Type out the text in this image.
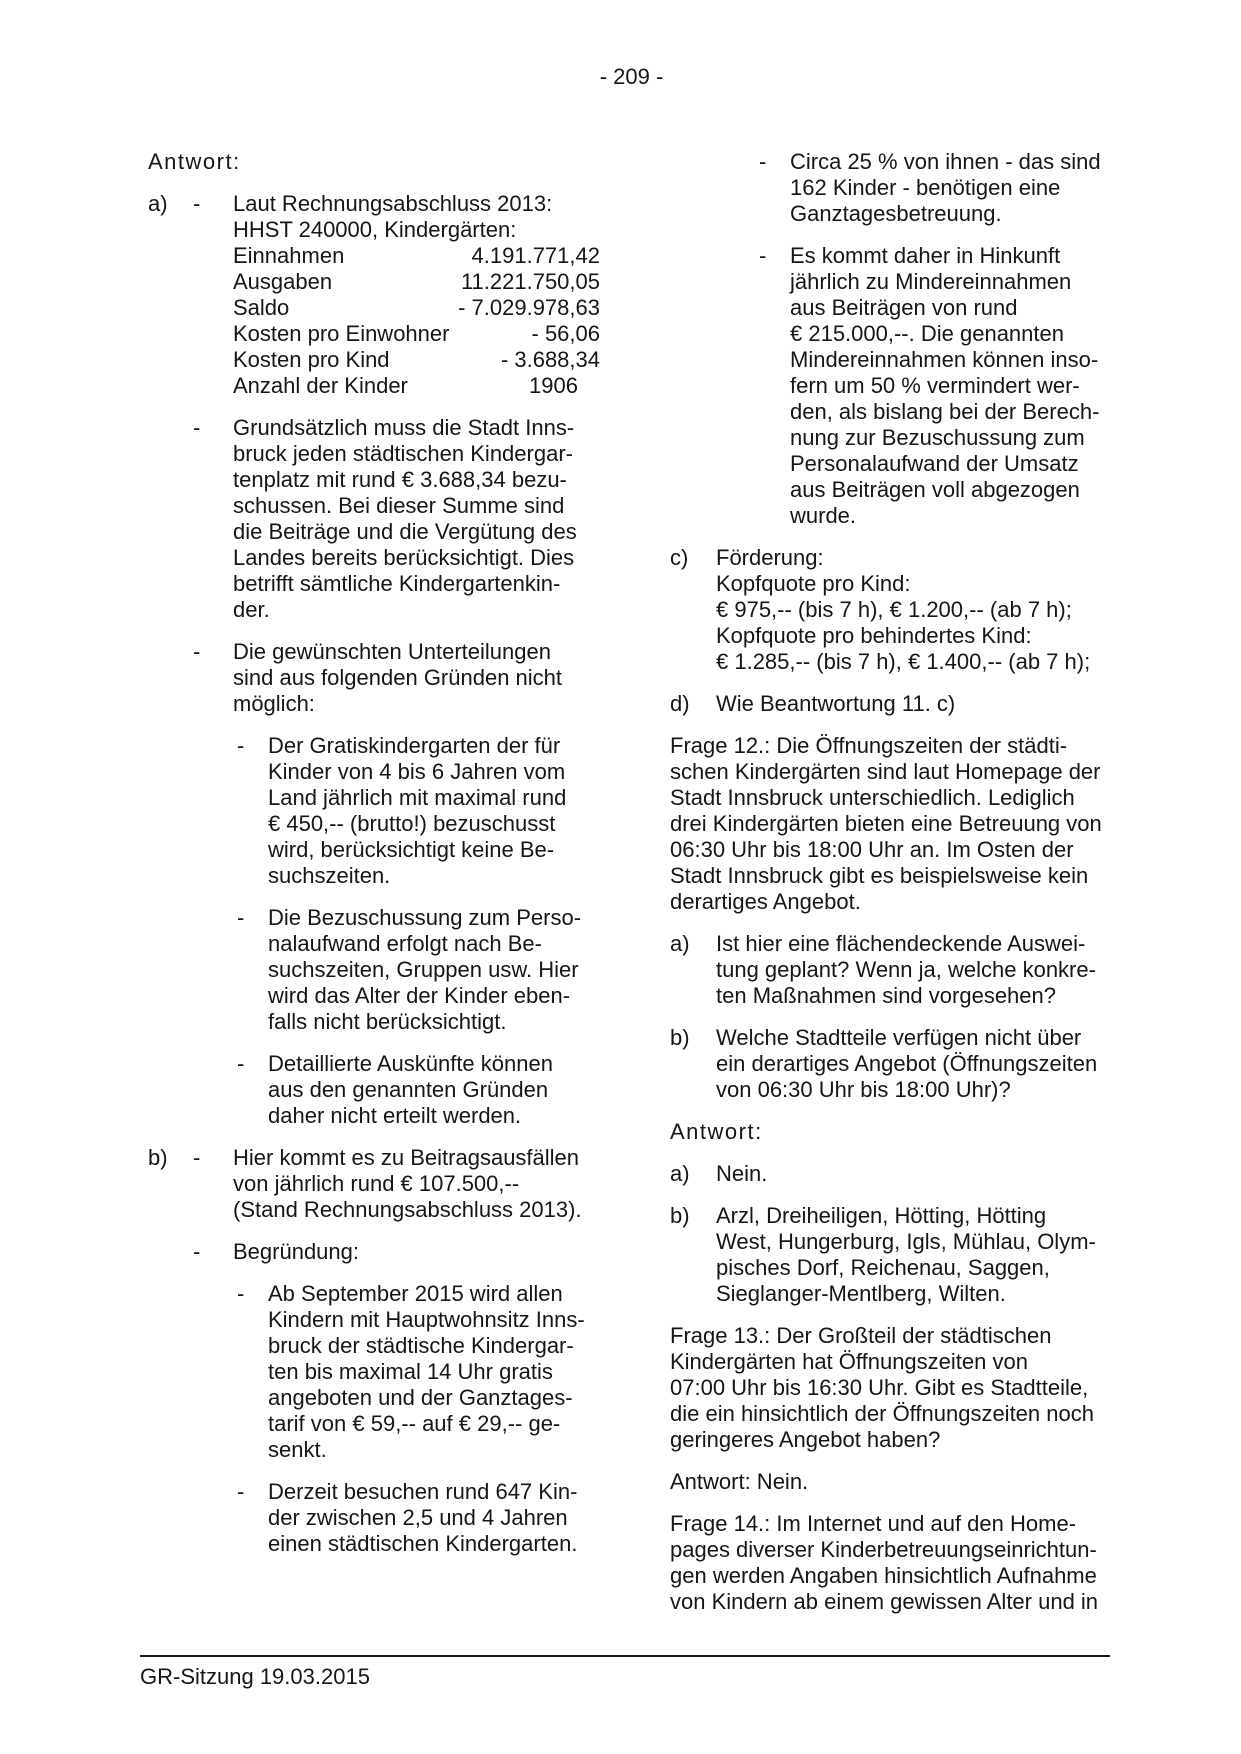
- 209 -
Antwort:
a)	-	Laut Rechnungsabschluss 2013:
HHST 240000, Kindergärten:
Einnahmen	4.191.771,42
Ausgaben	11.221.750,05
Saldo	- 7.029.978,63
Kosten pro Einwohner	- 56,06
Kosten pro Kind	- 3.688,34
Anzahl der Kinder	1906
-	Grundsätzlich muss die Stadt Inns-
bruck jeden städtischen Kindergar-
tenplatz mit rund € 3.688,34 bezu-
schussen. Bei dieser Summe sind
die Beiträge und die Vergütung des
Landes bereits berücksichtigt. Dies
betrifft sämtliche Kindergartenkin-
der.
-	Die gewünschten Unterteilungen
sind aus folgenden Gründen nicht
möglich:
-	Der Gratiskindergarten der für
Kinder von 4 bis 6 Jahren vom
Land jährlich mit maximal rund
€ 450,-- (brutto!) bezuschusst
wird, berücksichtigt keine Be-
suchszeiten.
-	Die Bezuschussung zum Perso-
nalaufwand erfolgt nach Be-
suchszeiten, Gruppen usw. Hier
wird das Alter der Kinder eben-
falls nicht berücksichtigt.
-	Detaillierte Auskünfte können
aus den genannten Gründen
daher nicht erteilt werden.
b)	-	Hier kommt es zu Beitragsausfällen
von jährlich rund € 107.500,--
(Stand Rechnungsabschluss 2013).
-	Begründung:
-	Ab September 2015 wird allen
Kindern mit Hauptwohnsitz Inns-
bruck der städtische Kindergar-
ten bis maximal 14 Uhr gratis
angeboten und der Ganztages-
tarif von € 59,-- auf € 29,-- ge-
senkt.
-	Derzeit besuchen rund 647 Kin-
der zwischen 2,5 und 4 Jahren
einen städtischen Kindergarten.
-	Circa 25 % von ihnen - das sind
162 Kinder - benötigen eine
Ganztagesbetreuung.
-	Es kommt daher in Hinkunft
jährlich zu Mindereinnahmen
aus Beiträgen von rund
€ 215.000,--. Die genannten
Mindereinnahmen können inso-
fern um 50 % vermindert wer-
den, als bislang bei der Berech-
nung zur Bezuschussung zum
Personalaufwand der Umsatz
aus Beiträgen voll abgezogen
wurde.
c)	Förderung:
Kopfquote pro Kind:
€ 975,-- (bis 7 h), € 1.200,-- (ab 7 h);
Kopfquote pro behindertes Kind:
€ 1.285,-- (bis 7 h), € 1.400,-- (ab 7 h);
d)	Wie Beantwortung 11. c)
Frage 12.: Die Öffnungszeiten der städti-
schen Kindergärten sind laut Homepage der
Stadt Innsbruck unterschiedlich. Lediglich
drei Kindergärten bieten eine Betreuung von
06:30 Uhr bis 18:00 Uhr an. Im Osten der
Stadt Innsbruck gibt es beispielsweise kein
derartiges Angebot.
a)	Ist hier eine flächendeckende Auswei-
tung geplant? Wenn ja, welche konkre-
ten Maßnahmen sind vorgesehen?
b)	Welche Stadtteile verfügen nicht über
ein derartiges Angebot (Öffnungszeiten
von 06:30 Uhr bis 18:00 Uhr)?
Antwort:
a)	Nein.
b)	Arzl, Dreiheiligen, Hötting, Hötting
West, Hungerburg, Igls, Mühlau, Olym-
pisches Dorf, Reichenau, Saggen,
Sieglanger-Mentlberg, Wilten.
Frage 13.: Der Großteil der städtischen
Kindergärten hat Öffnungszeiten von
07:00 Uhr bis 16:30 Uhr. Gibt es Stadtteile,
die ein hinsichtlich der Öffnungszeiten noch
geringeres Angebot haben?
Antwort: Nein.
Frage 14.: Im Internet und auf den Home-
pages diverser Kinderbetreuungseinrichtun-
gen werden Angaben hinsichtlich Aufnahme
von Kindern ab einem gewissen Alter und in
GR-Sitzung 19.03.2015
